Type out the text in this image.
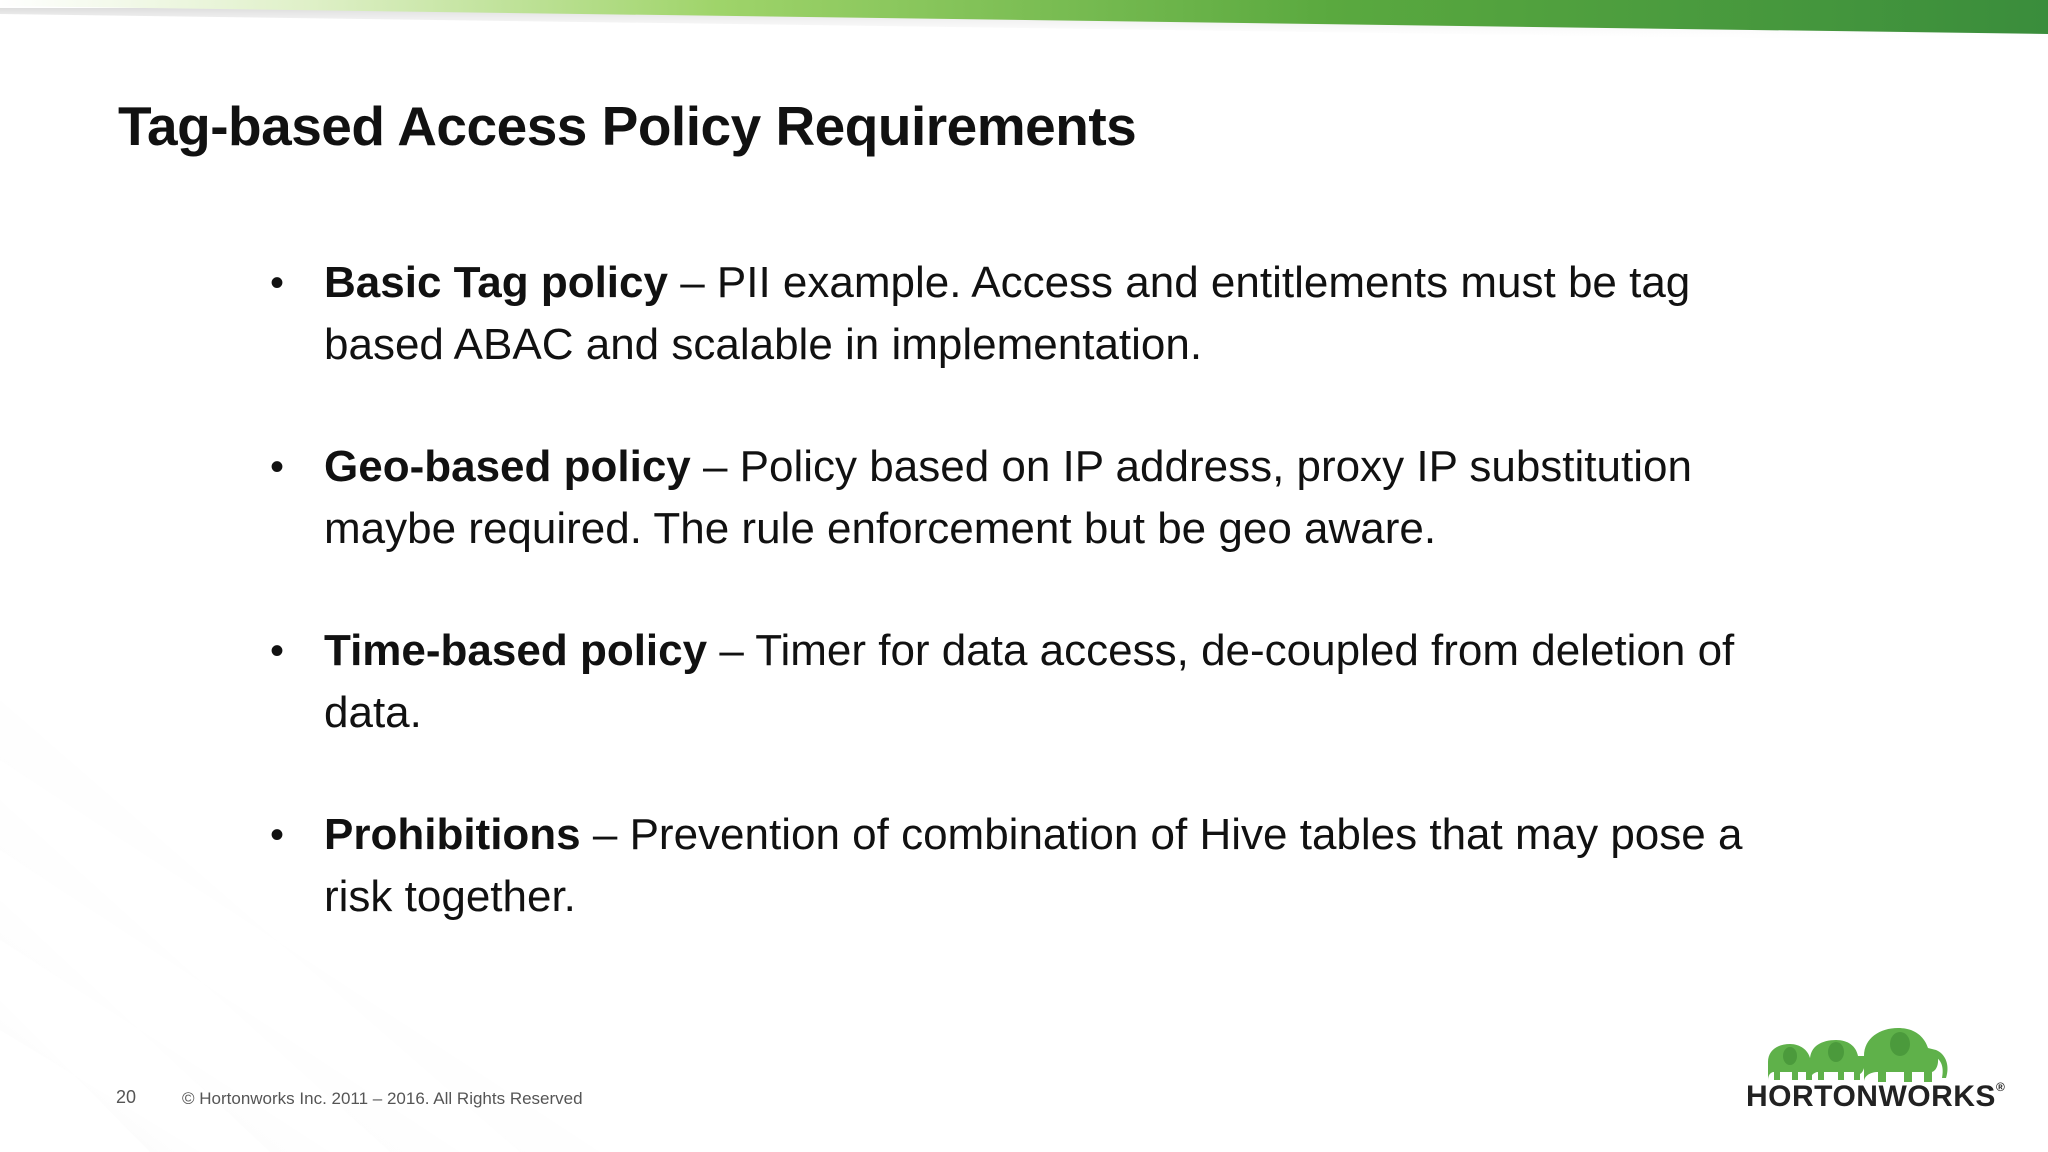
Tag-based Access Policy Requirements
• Basic Tag policy – PII example. Access and entitlements must be tag based ABAC and scalable in implementation.
• Geo-based policy – Policy based on IP address, proxy IP substitution maybe required. The rule enforcement but be geo aware.
• Time-based policy – Timer for data access, de-coupled from deletion of data.
• Prohibitions – Prevention of combination of Hive tables that may pose a risk together.
20	© Hortonworks Inc. 2011 – 2016. All Rights Reserved	HORTONWORKS®
